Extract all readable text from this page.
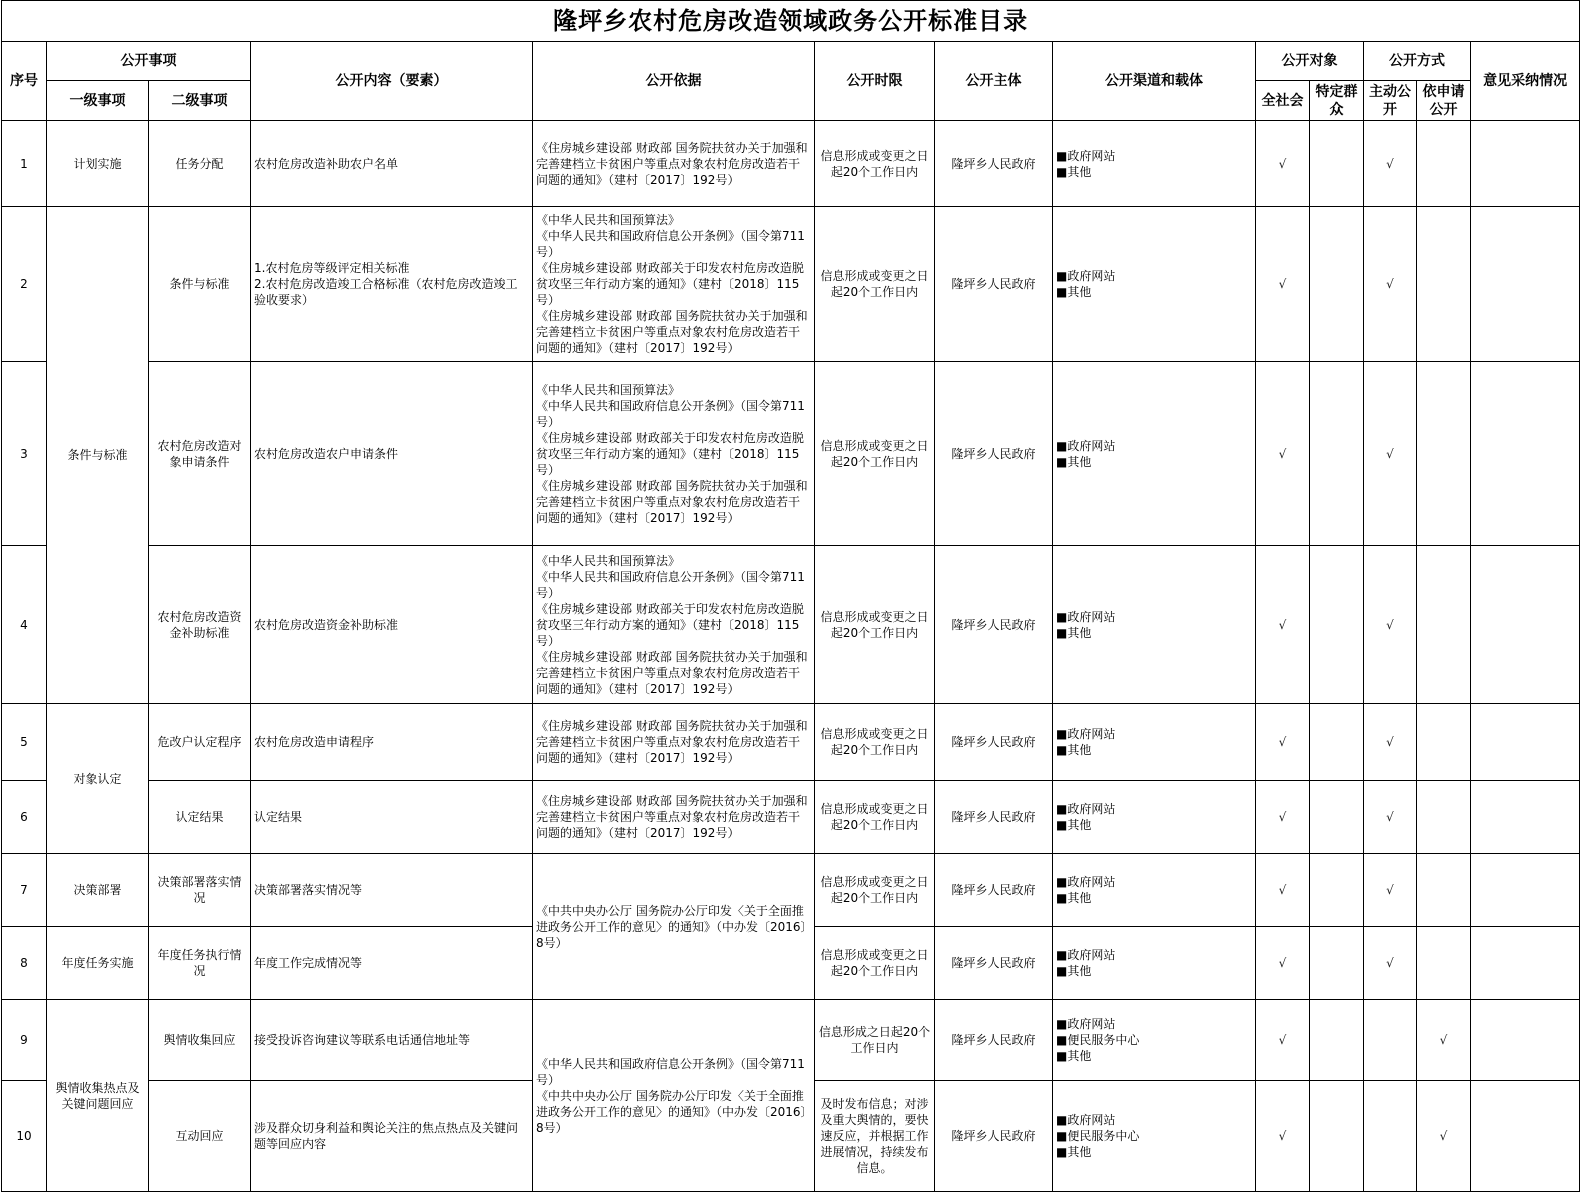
隆坪乡农村危房改造领域政务公开标准目录												
序号	公开事项		公开内容（要素）	公开依据	公开时限	公开主体	公开渠道和载体	公开对象		公开方式		意见采纳情况
	一级事项	二级事项						全社会	特定群众	主动公开	依申请公开	
1	计划实施	任务分配	农村危房改造补助农户名单	《住房城乡建设部 财政部 国务院扶贫办关于加强和完善建档立卡贫困户等重点对象农村危房改造若干问题的通知》（建村〔2017〕192号）	信息形成或变更之日起20个工作日内	隆坪乡人民政府	■政府网站
■其他	√		√		
2	条件与标准	条件与标准	1.农村危房等级评定相关标准
2.农村危房改造竣工合格标准（农村危房改造竣工验收要求）	《中华人民共和国预算法》
《中华人民共和国政府信息公开条例》（国令第711号）
《住房城乡建设部 财政部关于印发农村危房改造脱贫攻坚三年行动方案的通知》（建村〔2018〕115号）
《住房城乡建设部 财政部 国务院扶贫办关于加强和完善建档立卡贫困户等重点对象农村危房改造若干问题的通知》（建村〔2017〕192号）	信息形成或变更之日起20个工作日内	隆坪乡人民政府	■政府网站
■其他	√		√		
3		农村危房改造对象申请条件	农村危房改造农户申请条件	《中华人民共和国预算法》
《中华人民共和国政府信息公开条例》（国令第711号）
《住房城乡建设部 财政部关于印发农村危房改造脱贫攻坚三年行动方案的通知》（建村〔2018〕115号）
《住房城乡建设部 财政部 国务院扶贫办关于加强和完善建档立卡贫困户等重点对象农村危房改造若干问题的通知》（建村〔2017〕192号）	信息形成或变更之日起20个工作日内	隆坪乡人民政府	■政府网站
■其他	√		√		
4		农村危房改造资金补助标准	农村危房改造资金补助标准	《中华人民共和国预算法》
《中华人民共和国政府信息公开条例》（国令第711号）
《住房城乡建设部 财政部关于印发农村危房改造脱贫攻坚三年行动方案的通知》（建村〔2018〕115号）
《住房城乡建设部 财政部 国务院扶贫办关于加强和完善建档立卡贫困户等重点对象农村危房改造若干问题的通知》（建村〔2017〕192号）	信息形成或变更之日起20个工作日内	隆坪乡人民政府	■政府网站
■其他	√		√		
5	对象认定	危改户认定程序	农村危房改造申请程序	《住房城乡建设部 财政部 国务院扶贫办关于加强和完善建档立卡贫困户等重点对象农村危房改造若干问题的通知》（建村〔2017〕192号）	信息形成或变更之日起20个工作日内	隆坪乡人民政府	■政府网站
■其他	√		√		
6		认定结果	认定结果	《住房城乡建设部 财政部 国务院扶贫办关于加强和完善建档立卡贫困户等重点对象农村危房改造若干问题的通知》（建村〔2017〕192号）	信息形成或变更之日起20个工作日内	隆坪乡人民政府	■政府网站
■其他	√		√		
7	决策部署	决策部署落实情况	决策部署落实情况等	《中共中央办公厅 国务院办公厅印发〈关于全面推进政务公开工作的意见〉的通知》（中办发〔2016〕8号）	信息形成或变更之日起20个工作日内	隆坪乡人民政府	■政府网站
■其他	√		√		
8	年度任务实施	年度任务执行情况	年度工作完成情况等		信息形成或变更之日起20个工作日内	隆坪乡人民政府	■政府网站
■其他	√		√		
9	舆情收集热点及关键问题回应	舆情收集回应	接受投诉咨询建议等联系电话通信地址等	《中华人民共和国政府信息公开条例》（国令第711号）
《中共中央办公厅 国务院办公厅印发〈关于全面推进政务公开工作的意见〉的通知》（中办发〔2016〕8号）	信息形成之日起20个工作日内	隆坪乡人民政府	■政府网站
■便民服务中心
■其他	√			√	
10		互动回应	涉及群众切身利益和舆论关注的焦点热点及关键问题等回应内容		及时发布信息；对涉及重大舆情的，要快速反应，并根据工作进展情况，持续发布信息。	隆坪乡人民政府	■政府网站
■便民服务中心
■其他	√			√	
